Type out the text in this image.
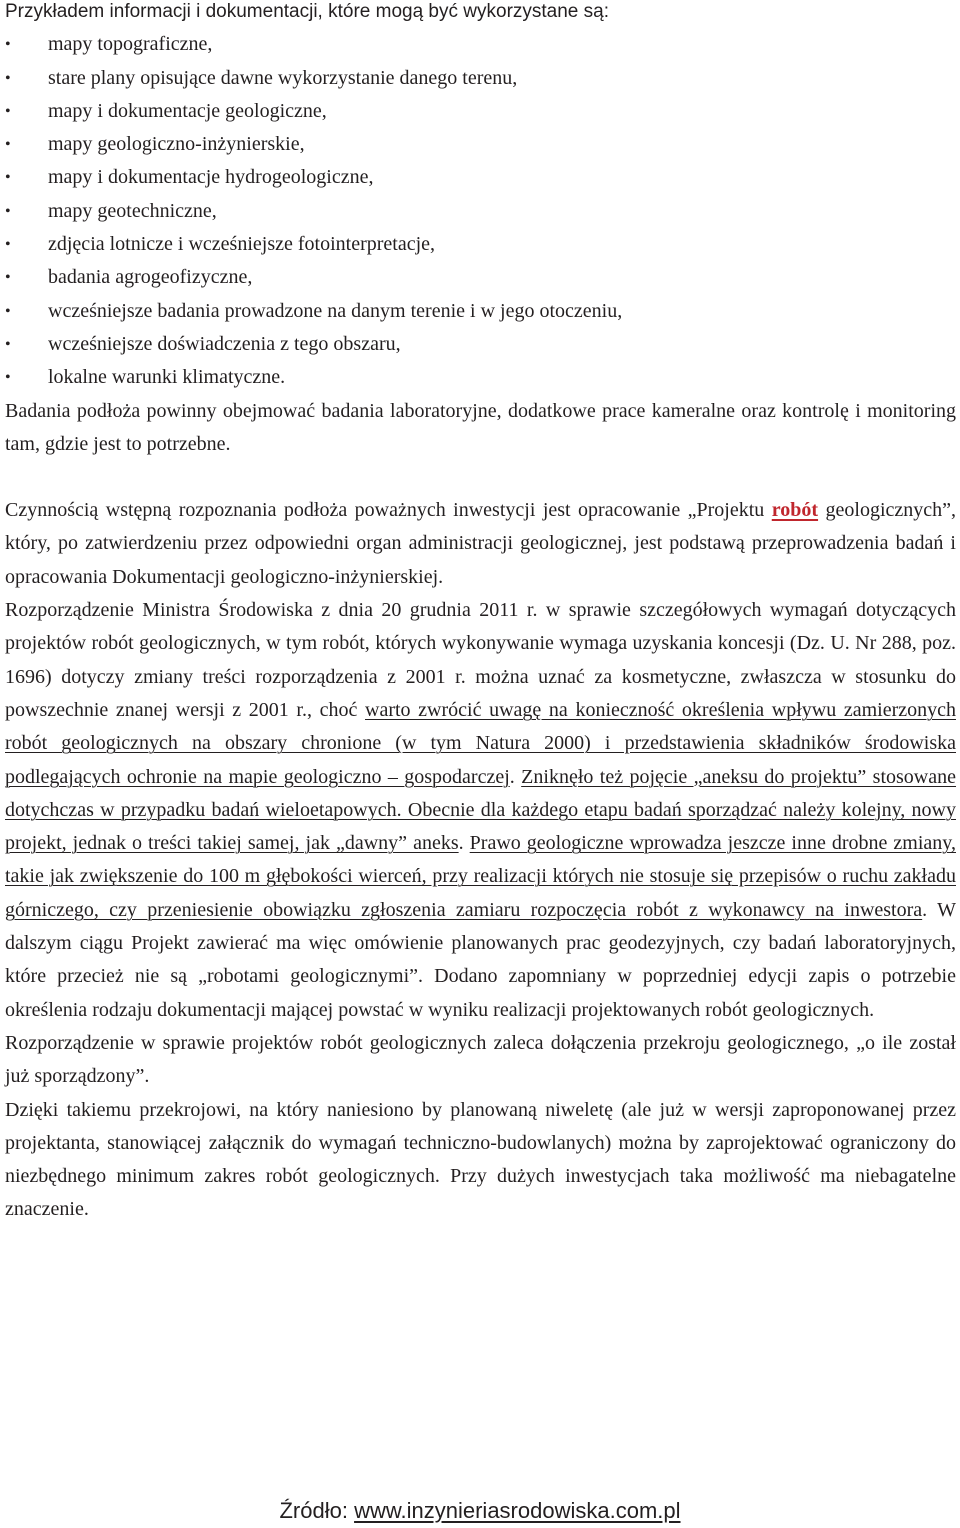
Przykładem informacji i dokumentacji, które mogą być wykorzystane są:

• mapy topograficzne,
• stare plany opisujące dawne wykorzystanie danego terenu,
• mapy i dokumentacje geologiczne,
• mapy geologiczno-inżynierskie,
• mapy i dokumentacje hydrogeologiczne,
• mapy geotechniczne,
• zdjęcia lotnicze i wcześniejsze fotointerpretacje,
• badania agrogeofizyczne,
• wcześniejsze badania prowadzone na danym terenie i w jego otoczeniu,
• wcześniejsze doświadczenia z tego obszaru,
• lokalne warunki klimatyczne.

Badania podłoża powinny obejmować badania laboratoryjne, dodatkowe prace kameralne oraz kontrolę i monitoring tam, gdzie jest to potrzebne.

Czynnością wstępną rozpoznania podłoża poważnych inwestycji jest opracowanie „Projektu robót geologicznych”, który, po zatwierdzeniu przez odpowiedni organ administracji geologicznej, jest podstawą przeprowadzenia badań i opracowania Dokumentacji geologiczno-inżynierskiej.

Rozporządzenie Ministra Środowiska z dnia 20 grudnia 2011 r. w sprawie szczegółowych wymagań dotyczących projektów robót geologicznych, w tym robót, których wykonywanie wymaga uzyskania koncesji (Dz. U. Nr 288, poz. 1696) dotyczy zmiany treści rozporządzenia z 2001 r. można uznać za kosmetyczne, zwłaszcza w stosunku do powszechnie znanej wersji z 2001 r., choć warto zwrócić uwagę na konieczność określenia wpływu zamierzonych robót geologicznych na obszary chronione (w tym Natura 2000) i przedstawienia składników środowiska podlegających ochronie na mapie geologiczno – gospodarczej. Zniknęło też pojęcie „aneksu do projektu” stosowane dotychczas w przypadku badań wieloetapowych. Obecnie dla każdego etapu badań sporządzać należy kolejny, nowy projekt, jednak o treści takiej samej, jak „dawny” aneks. Prawo geologiczne wprowadza jeszcze inne drobne zmiany, takie jak zwiększenie do 100 m głębokości wierceń, przy realizacji których nie stosuje się przepisów o ruchu zakładu górniczego, czy przeniesienie obowiązku zgłoszenia zamiaru rozpoczęcia robót z wykonawcy na inwestora. W dalszym ciągu Projekt zawierać ma więc omówienie planowanych prac geodezyjnych, czy badań laboratoryjnych, które przecież nie są „robotami geologicznymi”. Dodano zapomniany w poprzedniej edycji zapis o potrzebie określenia rodzaju dokumentacji mającej powstać w wyniku realizacji projektowanych robót geologicznych.

Rozporządzenie w sprawie projektów robót geologicznych zaleca dołączenia przekroju geologicznego, „o ile został już sporządzony”.

Dzięki takiemu przekrojowi, na który naniesiono by planowaną niweletę (ale już w wersji zaproponowanej przez projektanta, stanowiącej załącznik do wymagań techniczno-budowlanych) można by zaprojektować ograniczony do niezbędnego minimum zakres robót geologicznych. Przy dużych inwestycjach taka możliwość ma niebagatelne znaczenie.

Źródło: www.inzynieriasrodowiska.com.pl
